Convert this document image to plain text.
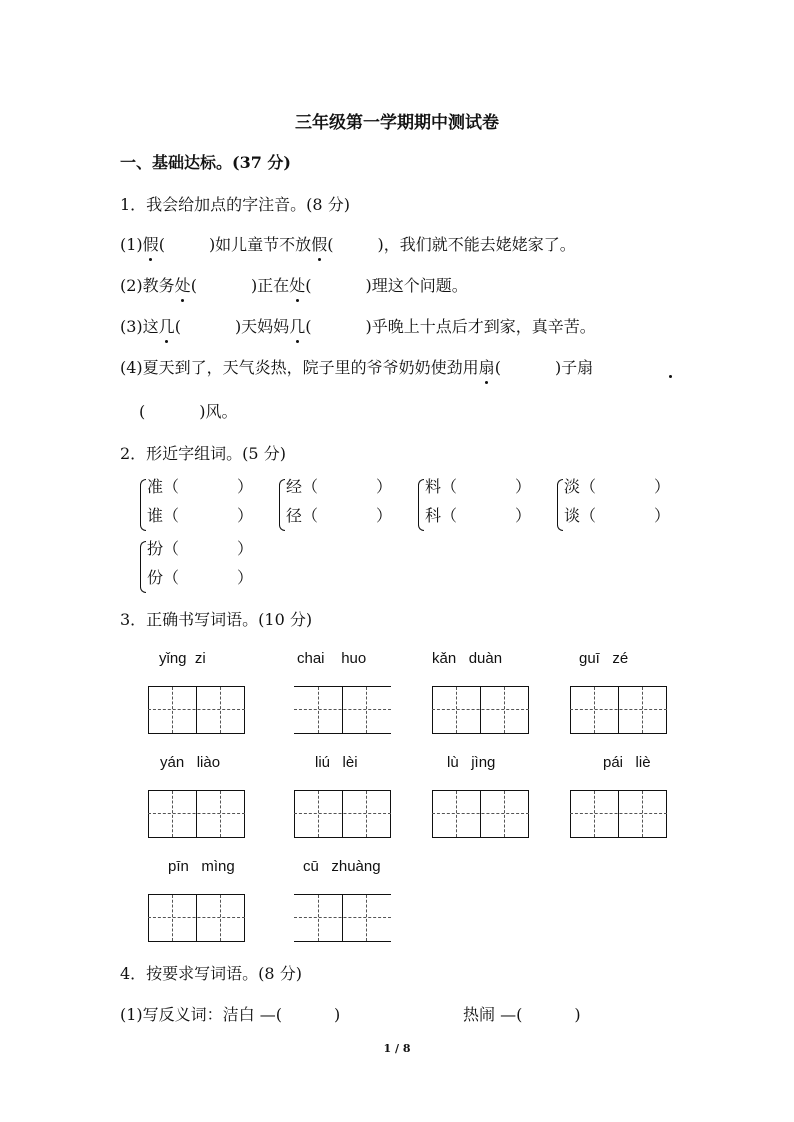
三年级第一学期期中测试卷
一、基础达标。(37 分)
1．我会给加点的字注音。(8 分)
(1)假(	)如儿童节不放假(	)，我们就不能去姥姥家了。
(2)教务处(	)正在处(	)理这个问题。
(3)这几(	)天妈妈几(	)乎晚上十点后才到家，真辛苦。
(4)夏天到了，天气炎热，院子里的爷爷奶奶使劲用扇(	)子扇
(	)风。
2．形近字组词。(5 分)
准（	）
谁（	）
经（	）
径（	）
料（	）
科（	）
淡（	）
谈（	）
扮（	）
份（	）
3．正确书写词语。(10 分)
yǐng zi	chai huo	kǎn duàn	guī zé
yán liào	liú lèi	lù jìng	pái liè
pīn mìng	cū zhuàng
4．按要求写词语。(8 分)
(1)写反义词：洁白 —(	)	热闹 —(	)
1 / 8
